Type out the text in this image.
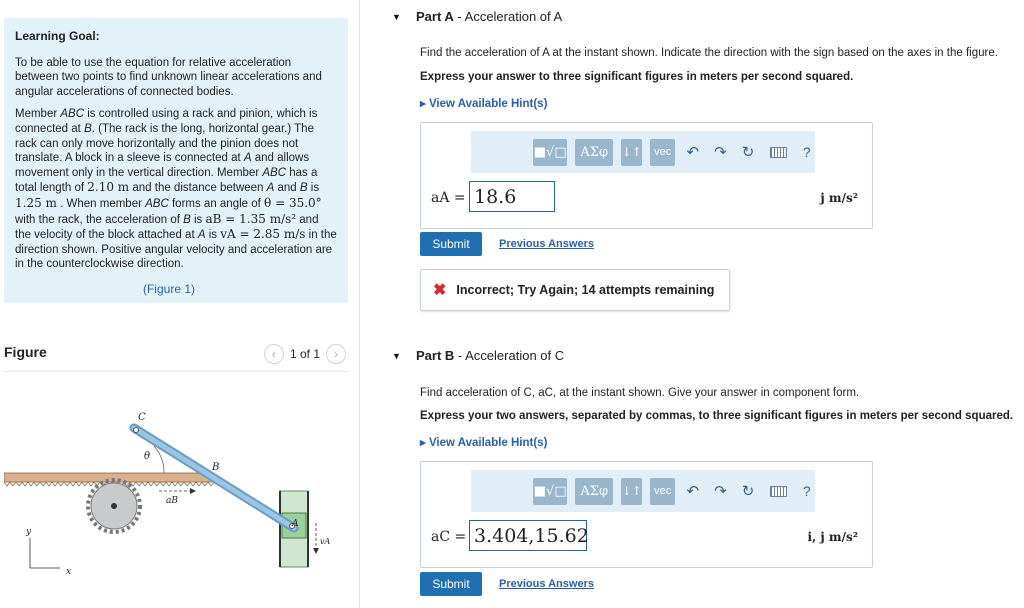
Learning Goal:
To be able to use the equation for relative acceleration between two points to find unknown linear accelerations and angular accelerations of connected bodies.
Member ABC is controlled using a rack and pinion, which is connected at B. (The rack is the long, horizontal gear.) The rack can only move horizontally and the pinion does not translate. A block in a sleeve is connected at A and allows movement only in the vertical direction. Member ABC has a total length of 2.10 m and the distance between A and B is 1.25 m . When member ABC forms an angle of θ = 35.0° with the rack, the acceleration of B is aB = 1.35 m/s² and the velocity of the block attached at A is vA = 2.85 m/s in the direction shown. Positive angular velocity and acceleration are in the counterclockwise direction.
(Figure 1)
Figure	‹	1 of 1	›
C
θ
B
aB
A
vA
y
x
▼	Part A - Acceleration of A
Find the acceleration of A at the instant shown. Indicate the direction with the sign based on the axes in the figure.
Express your answer to three significant figures in meters per second squared.
▸ View Available Hint(s)
■√□	ΑΣφ	↓↑	vec ↶ ↷ ↻	?
aA = 18.6	j m/s²
Submit	Previous Answers
✖ Incorrect; Try Again; 14 attempts remaining
▼	Part B - Acceleration of C
Find acceleration of C, aC, at the instant shown. Give your answer in component form.
Express your two answers, separated by commas, to three significant figures in meters per second squared.
▸ View Available Hint(s)
■√□	ΑΣφ	↓↑	vec ↶ ↷ ↻	?
aC = 3.404,15.62	i, j m/s²
Submit	Previous Answers
